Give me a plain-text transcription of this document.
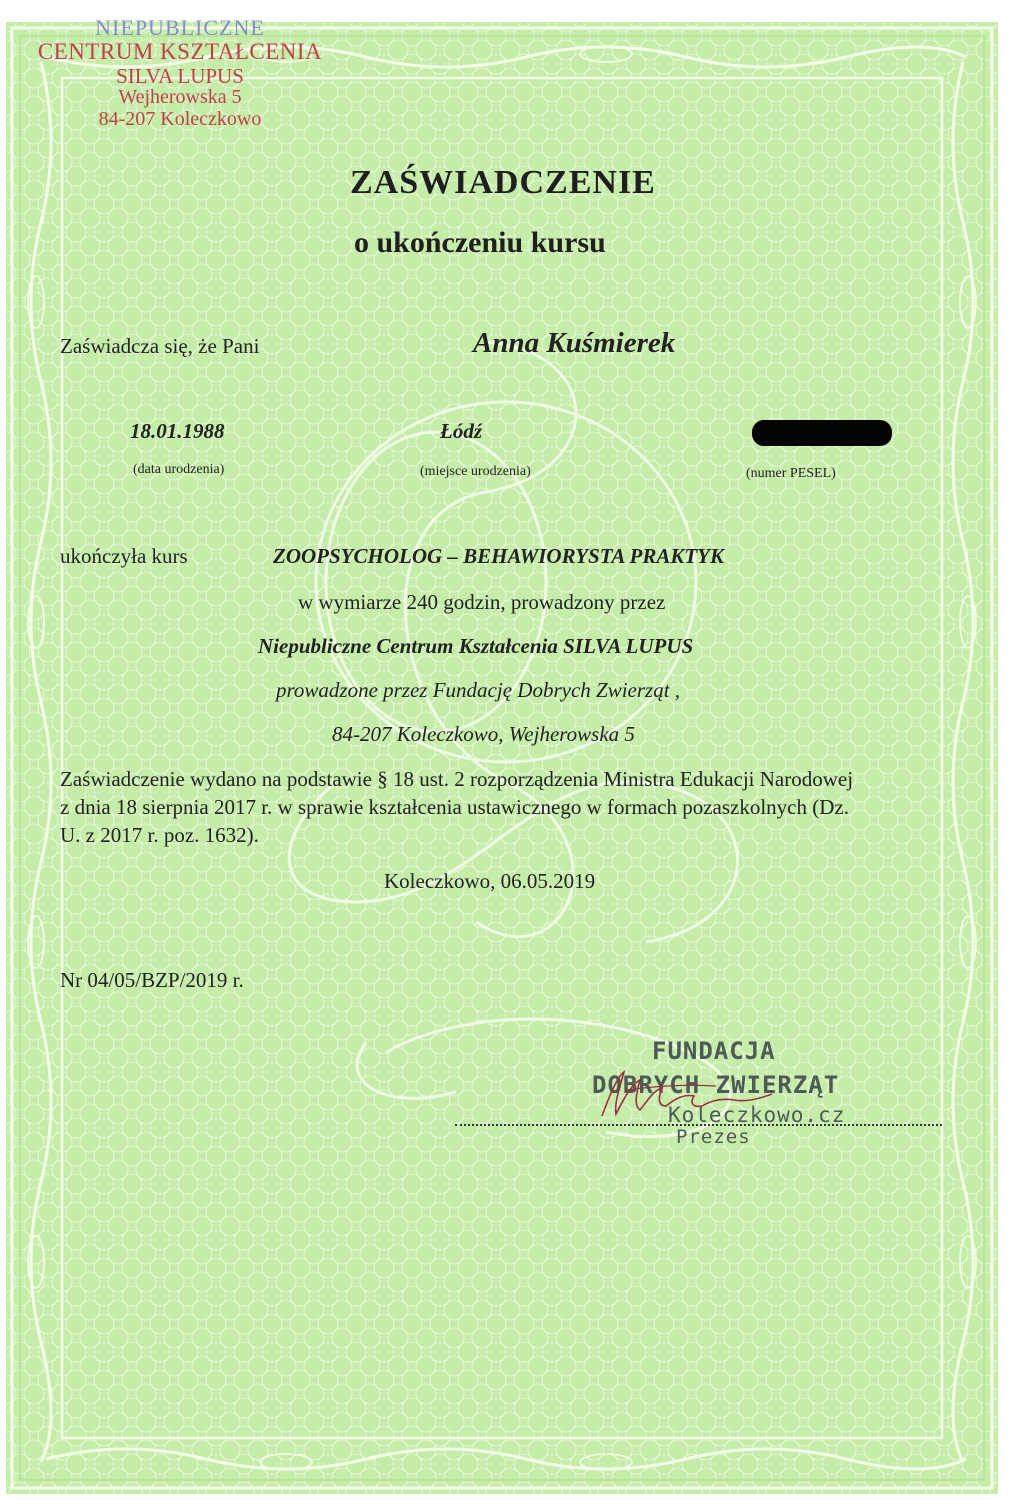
NIEPUBLICZNE
CENTRUM KSZTAŁCENIA
SILVA LUPUS
Wejherowska 5
84-207 Koleczkowo
ZAŚWIADCZENIE
o ukończeniu kursu
Zaświadcza się, że Pani	Anna Kuśmierek
18.01.1988
(data urodzenia)
Łódź
(miejsce urodzenia)	(numer PESEL)
ukończyła kurs	ZOOPSYCHOLOG – BEHAWIORYSTA PRAKTYK
w wymiarze 240 godzin, prowadzony przez
Niepubliczne Centrum Kształcenia SILVA LUPUS
prowadzone przez Fundację Dobrych Zwierząt ,
84-207 Koleczkowo, Wejherowska 5
Zaświadczenie wydano na podstawie § 18 ust. 2 rozporządzenia Ministra Edukacji Narodowej
z dnia 18 sierpnia 2017 r. w sprawie kształcenia ustawicznego w formach pozaszkolnych (Dz.
U. z 2017 r. poz. 1632).
Koleczkowo, 06.05.2019
Nr 04/05/BZP/2019 r.
FUNDACJA
DOBRYCH ZWIERZĄT
Koleczkowo.cz
Prezes
